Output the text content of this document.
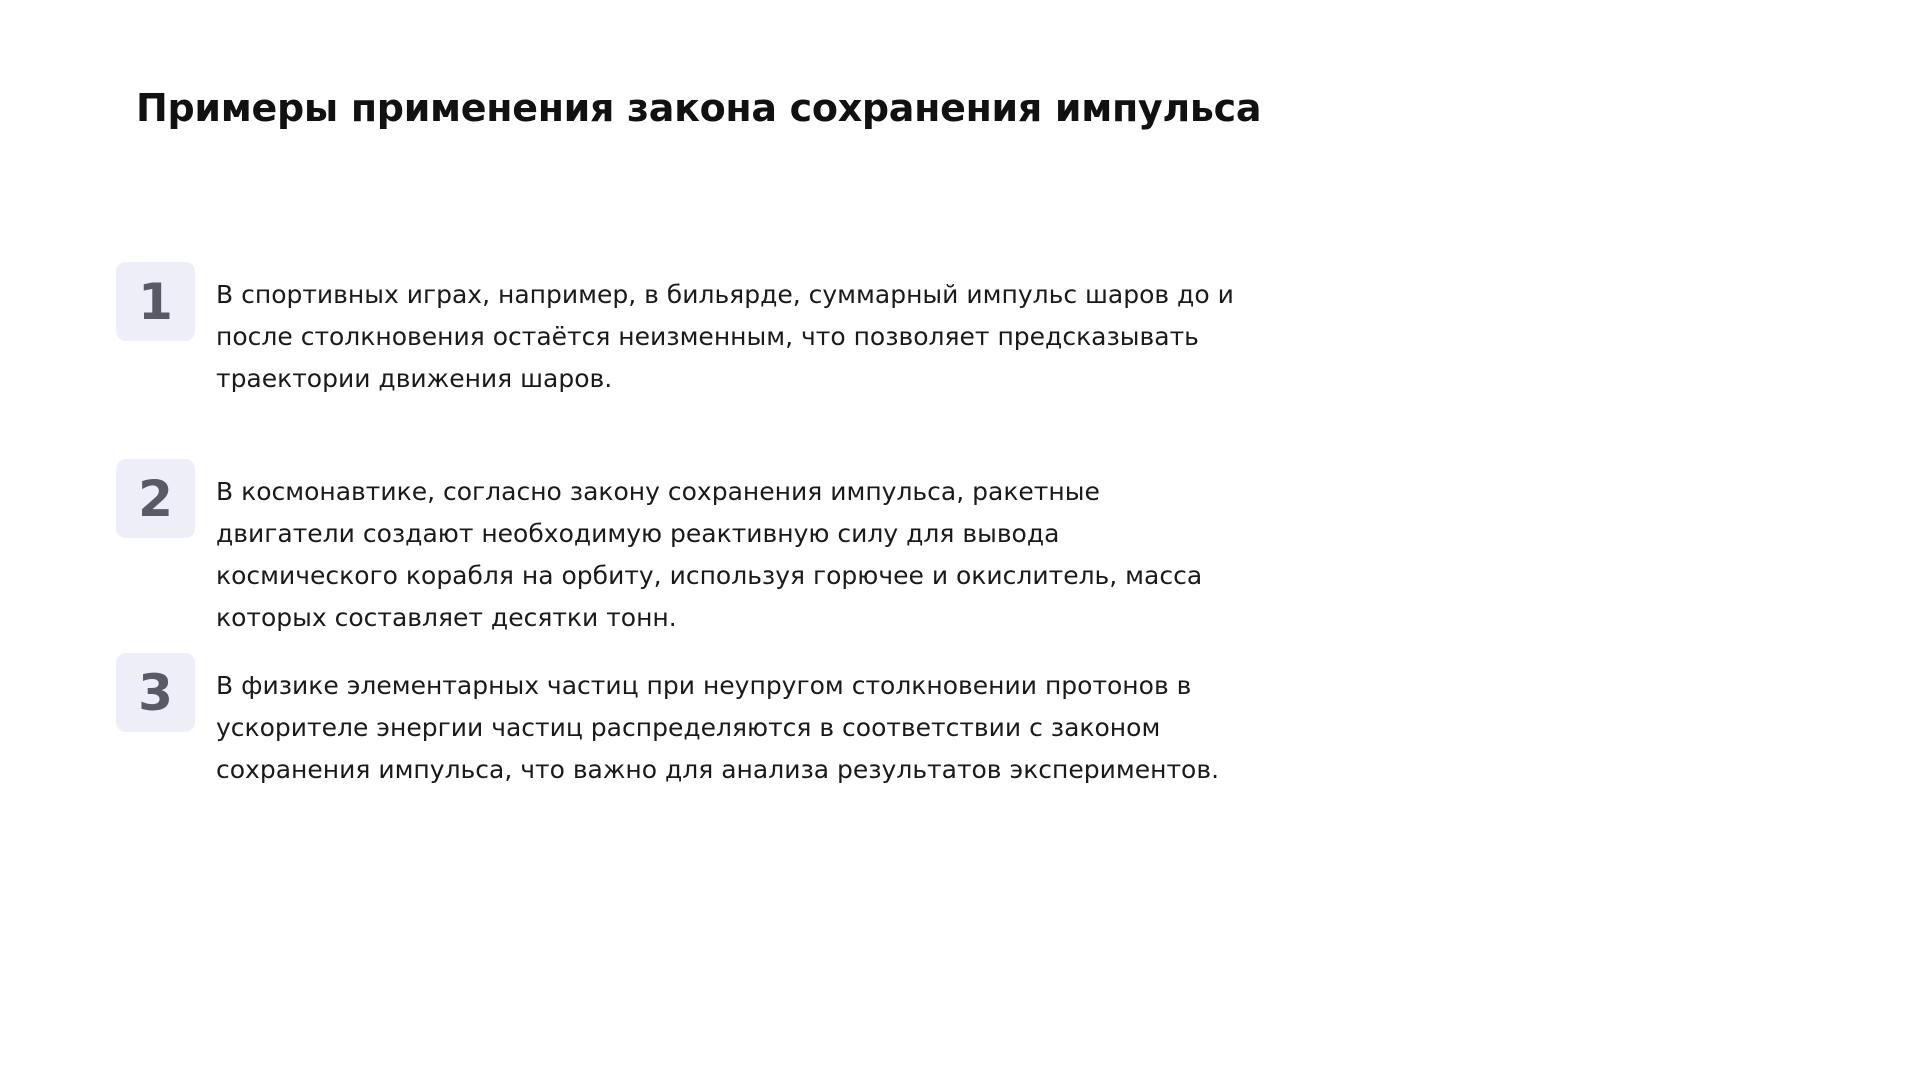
Примеры применения закона сохранения импульса
1	В спортивных играх, например, в бильярде, суммарный импульс шаров до и после столкновения остаётся неизменным, что позволяет предсказывать траектории движения шаров.

2	В космонавтике, согласно закону сохранения импульса, ракетные двигатели создают необходимую реактивную силу для вывода космического корабля на орбиту, используя горючее и окислитель, масса которых составляет десятки тонн.

3	В физике элементарных частиц при неупругом столкновении протонов в ускорителе энергии частиц распределяются в соответствии с законом сохранения импульса, что важно для анализа результатов экспериментов.
